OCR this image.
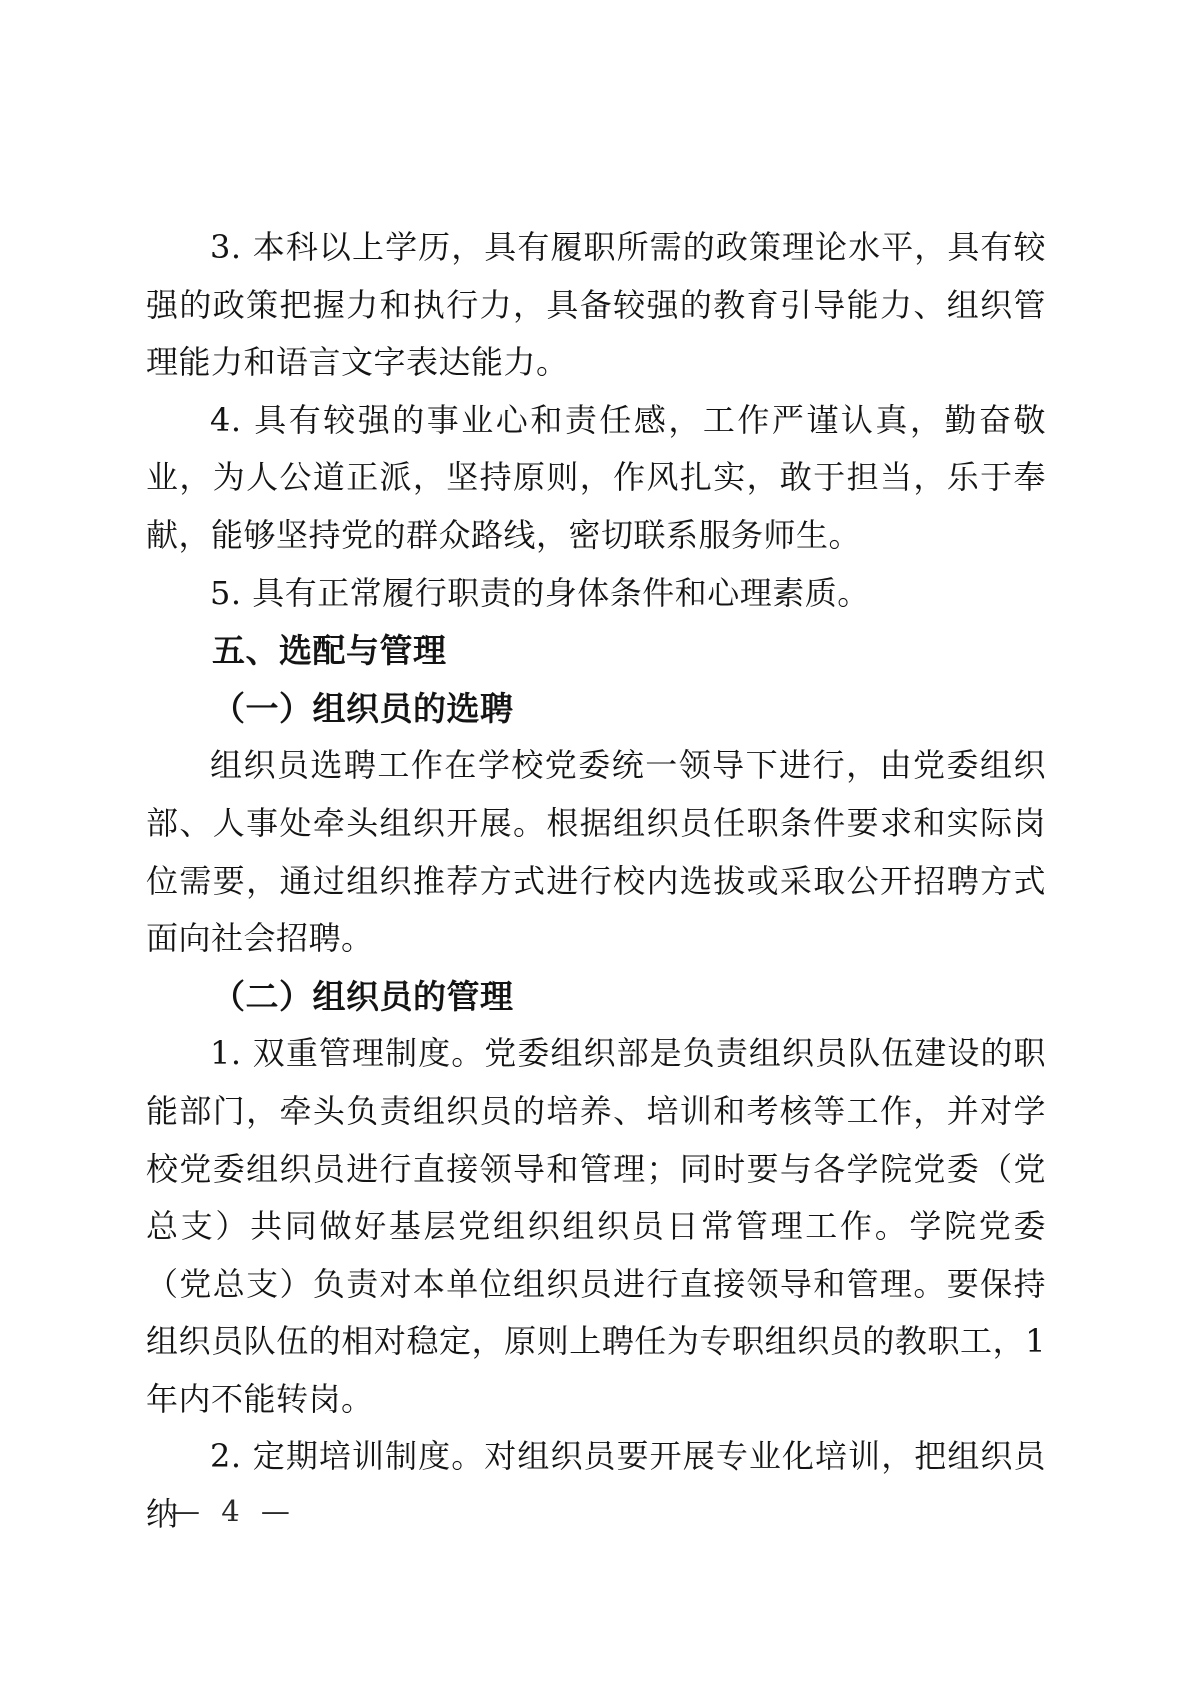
3. 本科以上学历，具有履职所需的政策理论水平，具有较强的政策把握力和执行力，具备较强的教育引导能力、组织管理能力和语言文字表达能力。

4. 具有较强的事业心和责任感，工作严谨认真，勤奋敬业，为人公道正派，坚持原则，作风扎实，敢于担当，乐于奉献，能够坚持党的群众路线，密切联系服务师生。

5. 具有正常履行职责的身体条件和心理素质。

五、选配与管理

（一）组织员的选聘

组织员选聘工作在学校党委统一领导下进行，由党委组织部、人事处牵头组织开展。根据组织员任职条件要求和实际岗位需要，通过组织推荐方式进行校内选拔或采取公开招聘方式面向社会招聘。

（二）组织员的管理

1. 双重管理制度。党委组织部是负责组织员队伍建设的职能部门，牵头负责组织员的培养、培训和考核等工作，并对学校党委组织员进行直接领导和管理；同时要与各学院党委（党总支）共同做好基层党组织组织员日常管理工作。学院党委（党总支）负责对本单位组织员进行直接领导和管理。要保持组织员队伍的相对稳定，原则上聘任为专职组织员的教职工，1 年内不能转岗。

2. 定期培训制度。对组织员要开展专业化培训，把组织员纳

— 4 —
